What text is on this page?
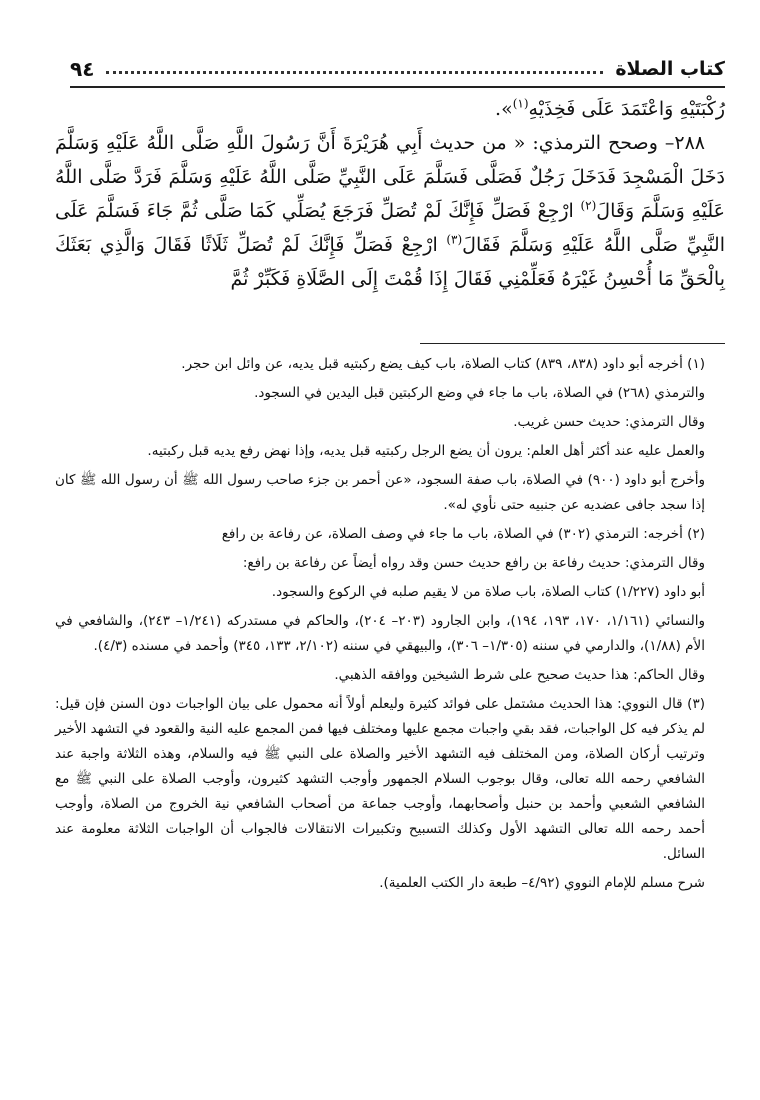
كتاب الصلاة
٩٤

رُكْبَتَيْهِ وَاعْتَمَدَ عَلَى فَخِذَيْهِ$^{(١)}$».

٢٨٨– وصحح الترمذي: « من حديث أَبِي هُرَيْرَةَ أَنَّ رَسُولَ اللَّهِ صَلَّى اللَّهُ عَلَيْهِ وَسَلَّمَ دَخَلَ الْمَسْجِدَ فَدَخَلَ رَجُلٌ فَصَلَّى فَسَلَّمَ عَلَى النَّبِيِّ صَلَّى اللَّهُ عَلَيْهِ وَسَلَّمَ فَرَدَّ صَلَّى اللَّهُ عَلَيْهِ وَسَلَّمَ وَقَالَ$^{(٢)}$ ارْجِعْ فَصَلِّ فَإِنَّكَ لَمْ تُصَلِّ فَرَجَعَ يُصَلِّي كَمَا صَلَّى ثُمَّ جَاءَ فَسَلَّمَ عَلَى النَّبِيِّ صَلَّى اللَّهُ عَلَيْهِ وَسَلَّمَ فَقَالَ$^{(٣)}$ ارْجِعْ فَصَلِّ فَإِنَّكَ لَمْ تُصَلِّ ثَلَاثًا فَقَالَ وَالَّذِي بَعَثَكَ بِالْحَقِّ مَا أُحْسِنُ غَيْرَهُ فَعَلِّمْنِي فَقَالَ إِذَا قُمْتَ إِلَى الصَّلَاةِ فَكَبِّرْ ثُمَّ

(١) أخرجه أبو داود (٨٣٨، ٨٣٩) كتاب الصلاة، باب كيف يضع ركبتيه قبل يديه، عن وائل ابن حجر.

والترمذي (٢٦٨) في الصلاة، باب ما جاء في وضع الركبتين قبل اليدين في السجود.

وقال الترمذي: حديث حسن غريب.

والعمل عليه عند أكثر أهل العلم: يرون أن يضع الرجل ركبتيه قبل يديه، وإذا نهض رفع يديه قبل ركبتيه.

وأخرج أبو داود (٩٠٠) في الصلاة، باب صفة السجود، «عن أحمر بن جزء صاحب رسول الله ﷺ أن رسول الله ﷺ كان إذا سجد جافى عضديه عن جنبيه حتى نأوي له».

(٢) أخرجه: الترمذي (٣٠٢) في الصلاة، باب ما جاء في وصف الصلاة، عن رفاعة بن رافع

وقال الترمذي: حديث رفاعة بن رافع حديث حسن وقد رواه أيضاً عن رفاعة بن رافع:

أبو داود (١/٢٢٧) كتاب الصلاة، باب صلاة من لا يقيم صلبه في الركوع والسجود.

والنسائي (١/١٦١، ١٧٠، ١٩٣، ١٩٤)، وابن الجارود (٢٠٣– ٢٠٤)، والحاكم في مستدركه (١/٢٤١– ٢٤٣)، والشافعي في الأم (١/٨٨)، والدارمي في سننه (١/٣٠٥– ٣٠٦)، والبيهقي في سننه (٢/١٠٢، ١٣٣، ٣٤٥) وأحمد في مسنده (٤/٣).

وقال الحاكم: هذا حديث صحيح على شرط الشيخين ووافقه الذهبي.

(٣) قال النووي: هذا الحديث مشتمل على فوائد كثيرة وليعلم أولاً أنه محمول على بيان الواجبات دون السنن فإن قيل: لم يذكر فيه كل الواجبات، فقد بقي واجبات مجمع عليها ومختلف فيها فمن المجمع عليه النية والقعود في التشهد الأخير وترتيب أركان الصلاة، ومن المختلف فيه التشهد الأخير والصلاة على النبي ﷺ فيه والسلام، وهذه الثلاثة واجبة عند الشافعي رحمه الله تعالى، وقال بوجوب السلام الجمهور وأوجب التشهد كثيرون، وأوجب الصلاة على النبي ﷺ مع الشافعي الشعبي وأحمد بن حنبل وأصحابهما، وأوجب جماعة من أصحاب الشافعي نية الخروج من الصلاة، وأوجب أحمد رحمه الله تعالى التشهد الأول وكذلك التسبيح وتكبيرات الانتقالات فالجواب أن الواجبات الثلاثة معلومة عند السائل.

شرح مسلم للإمام النووي (٤/٩٢– طبعة دار الكتب العلمية).
